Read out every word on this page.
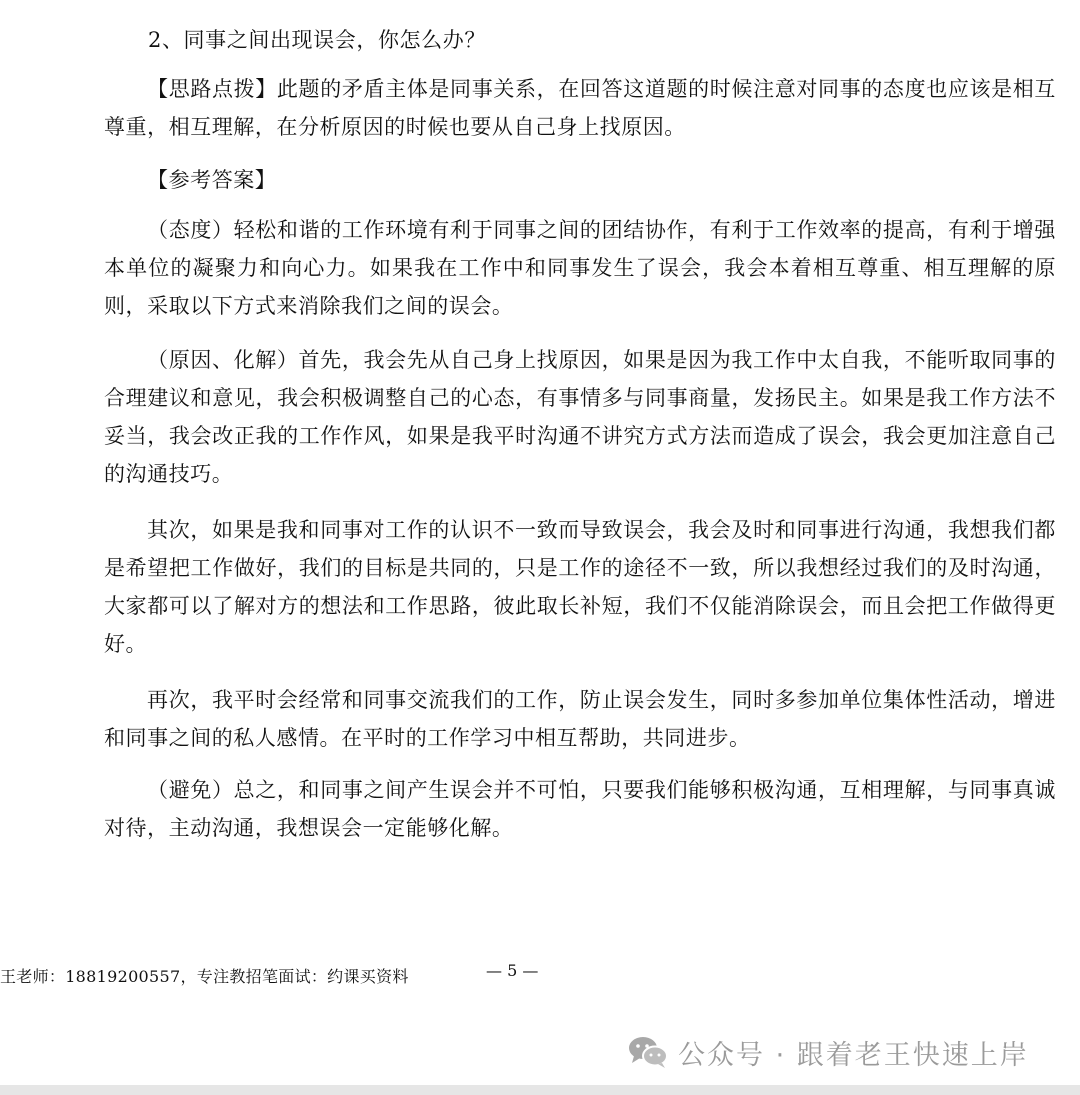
2、同事之间出现误会，你怎么办？

【思路点拨】此题的矛盾主体是同事关系，在回答这道题的时候注意对同事的态度也应该是相互尊重，相互理解，在分析原因的时候也要从自己身上找原因。

【参考答案】

（态度）轻松和谐的工作环境有利于同事之间的团结协作，有利于工作效率的提高，有利于增强本单位的凝聚力和向心力。如果我在工作中和同事发生了误会，我会本着相互尊重、相互理解的原则，采取以下方式来消除我们之间的误会。

（原因、化解）首先，我会先从自己身上找原因，如果是因为我工作中太自我，不能听取同事的合理建议和意见，我会积极调整自己的心态，有事情多与同事商量，发扬民主。如果是我工作方法不妥当，我会改正我的工作作风，如果是我平时沟通不讲究方式方法而造成了误会，我会更加注意自己的沟通技巧。

其次，如果是我和同事对工作的认识不一致而导致误会，我会及时和同事进行沟通，我想我们都是希望把工作做好，我们的目标是共同的，只是工作的途径不一致，所以我想经过我们的及时沟通，大家都可以了解对方的想法和工作思路，彼此取长补短，我们不仅能消除误会，而且会把工作做得更好。

再次，我平时会经常和同事交流我们的工作，防止误会发生，同时多参加单位集体性活动，增进和同事之间的私人感情。在平时的工作学习中相互帮助，共同进步。

（避免）总之，和同事之间产生误会并不可怕，只要我们能够积极沟通，互相理解，与同事真诚对待，主动沟通，我想误会一定能够化解。

王老师：18819200557，专注教招笔面试：约课买资料	— 5 —
公众号 · 跟着老王快速上岸
